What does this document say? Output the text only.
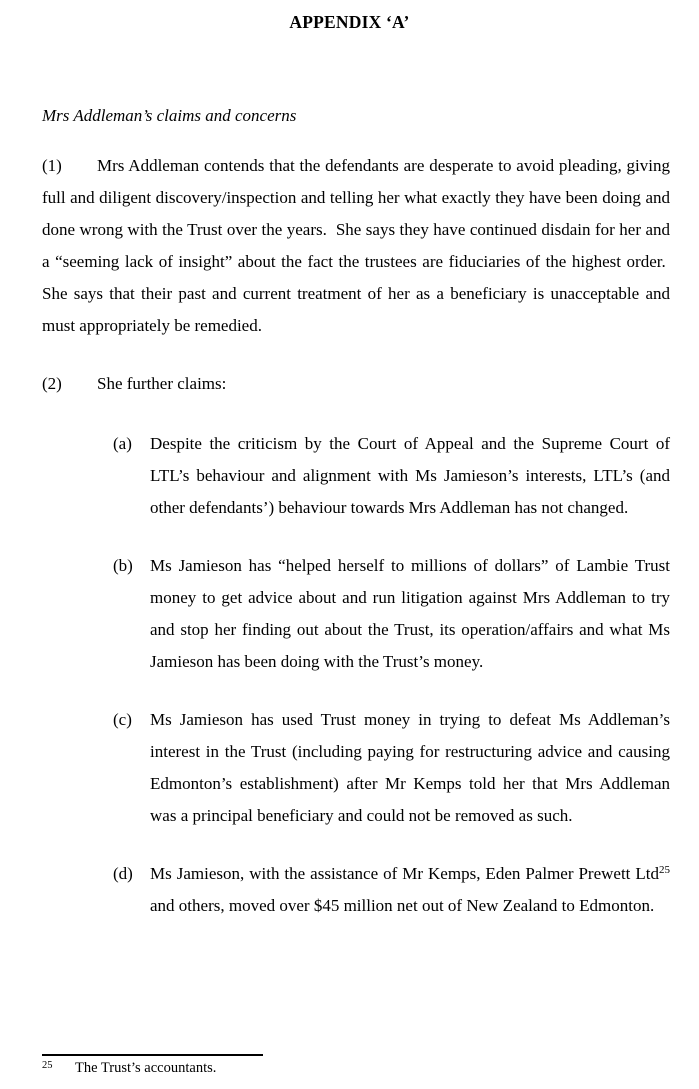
APPENDIX ‘A’
Mrs Addleman’s claims and concerns

(1) Mrs Addleman contends that the defendants are desperate to avoid pleading, giving full and diligent discovery/inspection and telling her what exactly they have been doing and done wrong with the Trust over the years.  She says they have continued disdain for her and a “seeming lack of insight” about the fact the trustees are fiduciaries of the highest order.  She says that their past and current treatment of her as a beneficiary is unacceptable and must appropriately be remedied.

(2) She further claims:

(a) Despite the criticism by the Court of Appeal and the Supreme Court of LTL’s behaviour and alignment with Ms Jamieson’s interests, LTL’s (and other defendants’) behaviour towards Mrs Addleman has not changed.
(b) Ms Jamieson has “helped herself to millions of dollars” of Lambie Trust money to get advice about and run litigation against Mrs Addleman to try and stop her finding out about the Trust, its operation/affairs and what Ms Jamieson has been doing with the Trust’s money.
(c) Ms Jamieson has used Trust money in trying to defeat Ms Addleman’s interest in the Trust (including paying for restructuring advice and causing Edmonton’s establishment) after Mr Kemps told her that Mrs Addleman was a principal beneficiary and could not be removed as such.
(d) Ms Jamieson, with the assistance of Mr Kemps, Eden Palmer Prewett Ltd$^{25}$ and others, moved over $45 million net out of New Zealand to Edmonton.
25 The Trust’s accountants.
